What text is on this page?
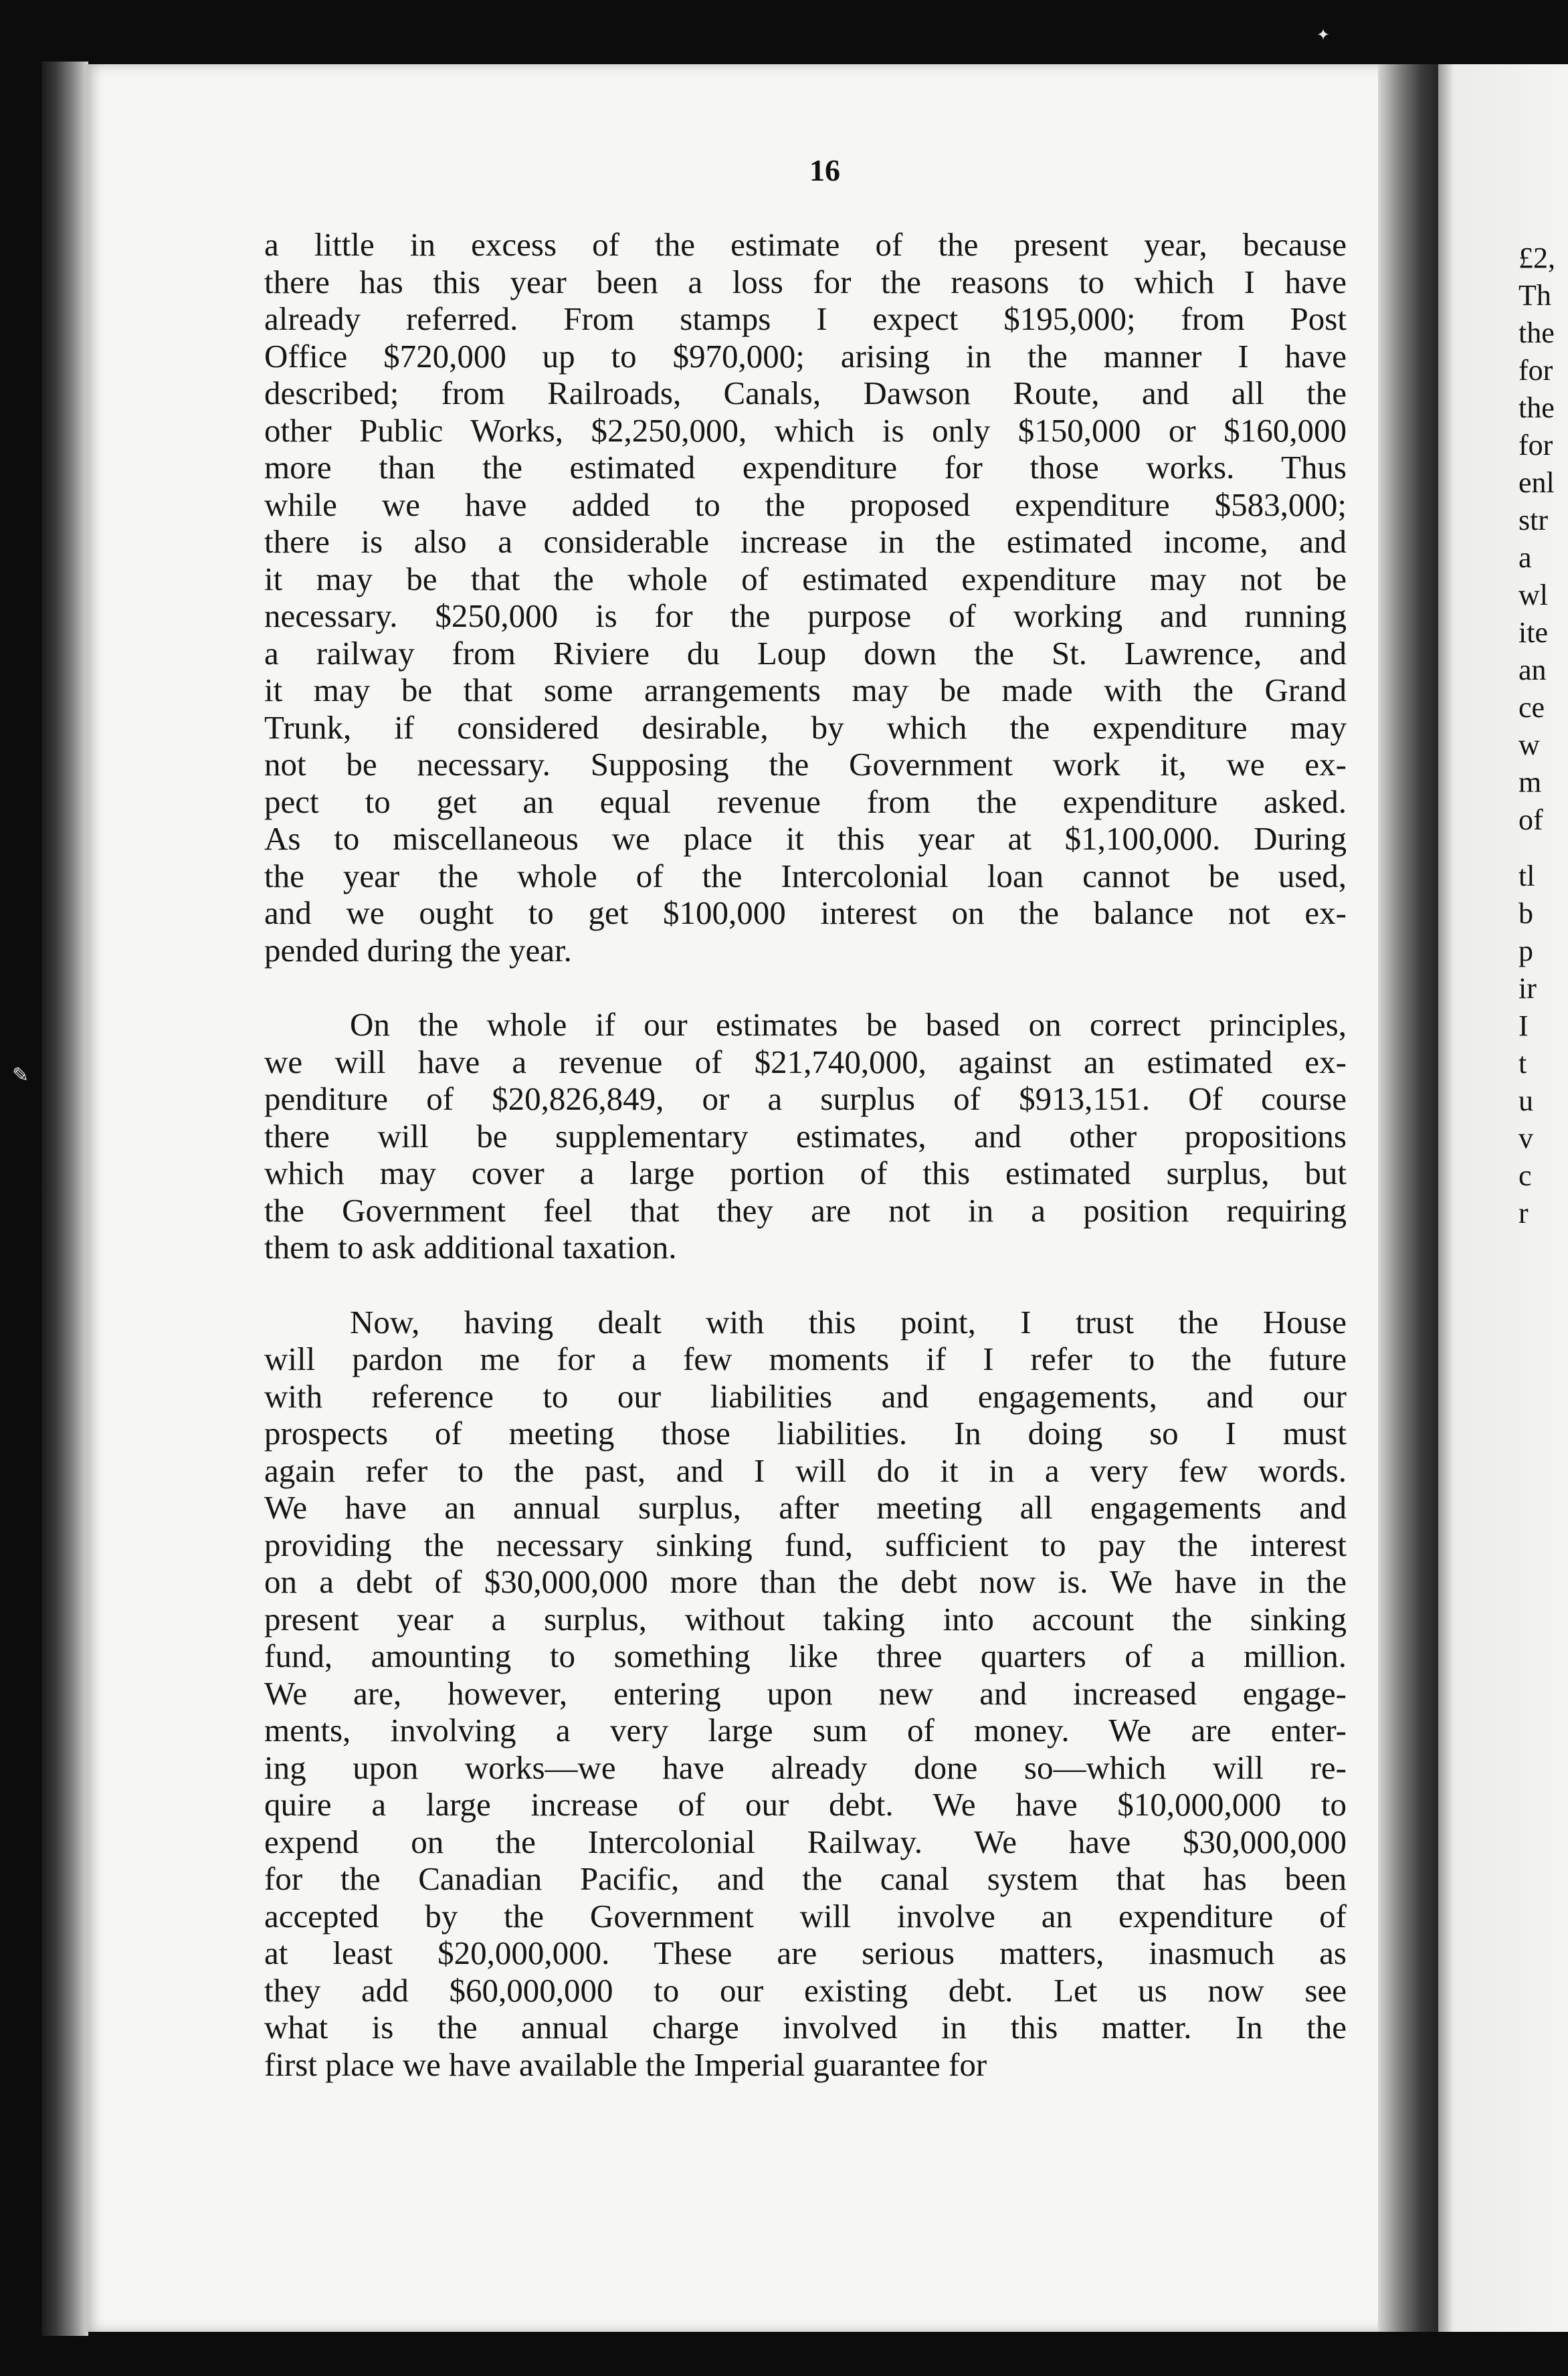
£2,
Th
the
for
the
for
enl
str
a
wl
ite
an
ce
w
m
of
tl
b
p
ir
I
t
u
v
c
r
16
a little in excess of the estimate of the present year, because
there has this year been a loss for the reasons to which I have
already referred. From stamps I expect $195,000; from Post
Office $720,000 up to $970,000; arising in the manner I have
described; from Railroads, Canals, Dawson Route, and all the
other Public Works, $2,250,000, which is only $150,000 or $160,000
more than the estimated expenditure for those works. Thus
while we have added to the proposed expenditure $583,000;
there is also a considerable increase in the estimated income, and
it may be that the whole of estimated expenditure may not be
necessary. $250,000 is for the purpose of working and running
a railway from Riviere du Loup down the St. Lawrence, and
it may be that some arrangements may be made with the Grand
Trunk, if considered desirable, by which the expenditure may
not be necessary. Supposing the Government work it, we ex-
pect to get an equal revenue from the expenditure asked.
As to miscellaneous we place it this year at $1,100,000. During
the year the whole of the Intercolonial loan cannot be used,
and we ought to get $100,000 interest on the balance not ex-
pended during the year.
On the whole if our estimates be based on correct principles,
we will have a revenue of $21,740,000, against an estimated ex-
penditure of $20,826,849, or a surplus of $913,151. Of course
there will be supplementary estimates, and other propositions
which may cover a large portion of this estimated surplus, but
the Government feel that they are not in a position requiring
them to ask additional taxation.
Now, having dealt with this point, I trust the House
will pardon me for a few moments if I refer to the future
with reference to our liabilities and engagements, and our
prospects of meeting those liabilities. In doing so I must
again refer to the past, and I will do it in a very few words.
We have an annual surplus, after meeting all engagements and
providing the necessary sinking fund, sufficient to pay the interest
on a debt of $30,000,000 more than the debt now is. We have in the
present year a surplus, without taking into account the sinking
fund, amounting to something like three quarters of a million.
We are, however, entering upon new and increased engage-
ments, involving a very large sum of money. We are enter-
ing upon works—we have already done so—which will re-
quire a large increase of our debt. We have $10,000,000 to
expend on the Intercolonial Railway. We have $30,000,000
for the Canadian Pacific, and the canal system that has been
accepted by the Government will involve an expenditure of
at least $20,000,000. These are serious matters, inasmuch as
they add $60,000,000 to our existing debt. Let us now see
what is the annual charge involved in this matter. In the
first place we have available the Imperial guarantee for
✎
✦
